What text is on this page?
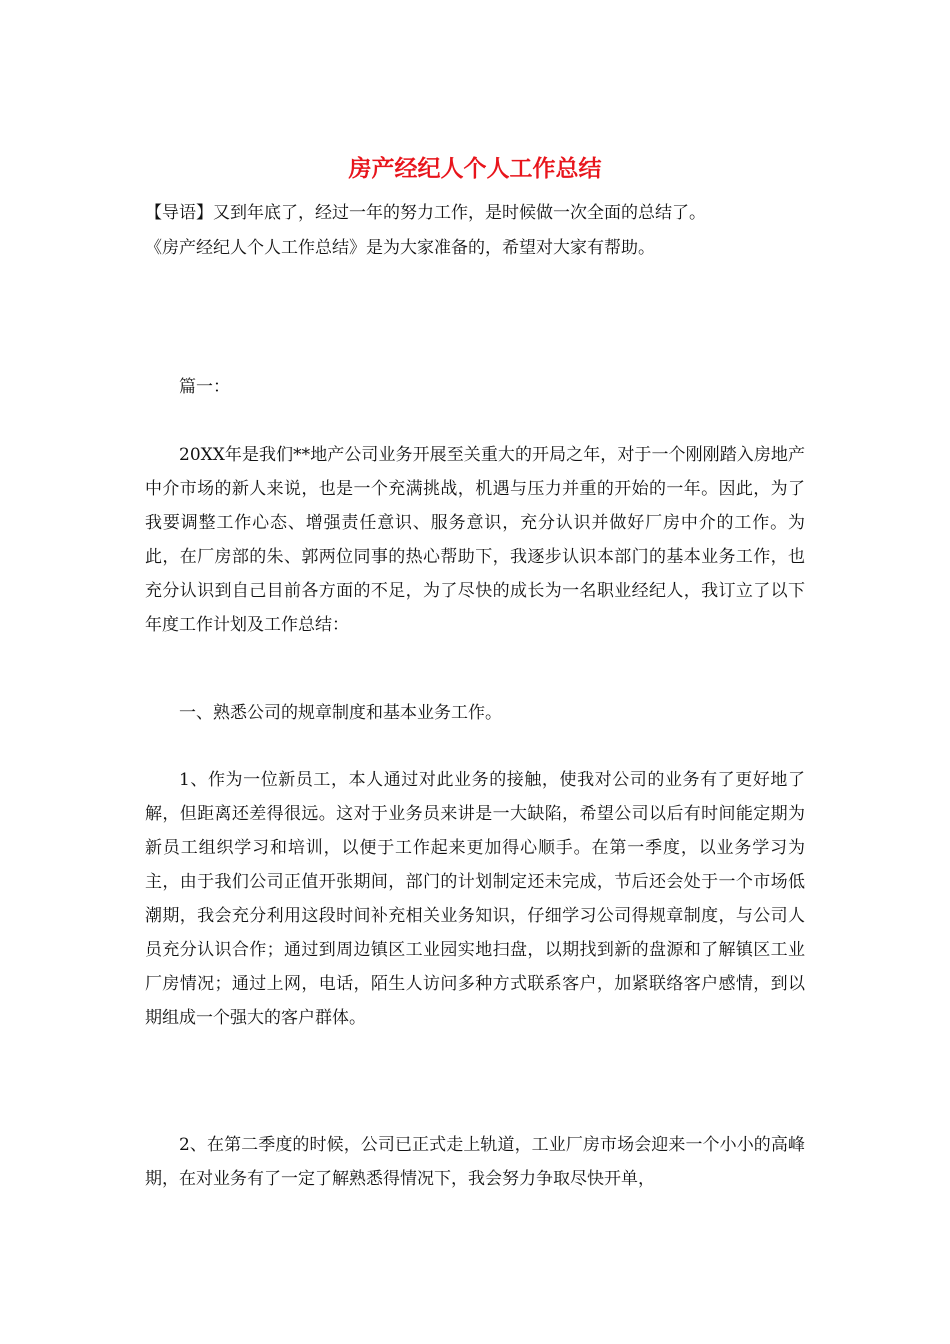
房产经纪人个人工作总结

【导语】又到年底了，经过一年的努力工作，是时候做一次全面的总结了。

《房产经纪人个人工作总结》是为大家准备的，希望对大家有帮助。

篇一：

20XX年是我们**地产公司业务开展至关重大的开局之年，对于一个刚刚踏入房地产中介市场的新人来说，也是一个充满挑战，机遇与压力并重的开始的一年。因此，为了我要调整工作心态、增强责任意识、服务意识，充分认识并做好厂房中介的工作。为此，在厂房部的朱、郭两位同事的热心帮助下，我逐步认识本部门的基本业务工作，也充分认识到自己目前各方面的不足，为了尽快的成长为一名职业经纪人，我订立了以下年度工作计划及工作总结：

一、熟悉公司的规章制度和基本业务工作。

1、作为一位新员工，本人通过对此业务的接触，使我对公司的业务有了更好地了解，但距离还差得很远。这对于业务员来讲是一大缺陷，希望公司以后有时间能定期为新员工组织学习和培训，以便于工作起来更加得心顺手。在第一季度，以业务学习为主，由于我们公司正值开张期间，部门的计划制定还未完成，节后还会处于一个市场低潮期，我会充分利用这段时间补充相关业务知识，仔细学习公司得规章制度，与公司人员充分认识合作；通过到周边镇区工业园实地扫盘，以期找到新的盘源和了解镇区工业厂房情况；通过上网，电话，陌生人访问多种方式联系客户，加紧联络客户感情，到以期组成一个强大的客户群体。

2、在第二季度的时候，公司已正式走上轨道，工业厂房市场会迎来一个小小的高峰期，在对业务有了一定了解熟悉得情况下，我会努力争取尽快开单，
